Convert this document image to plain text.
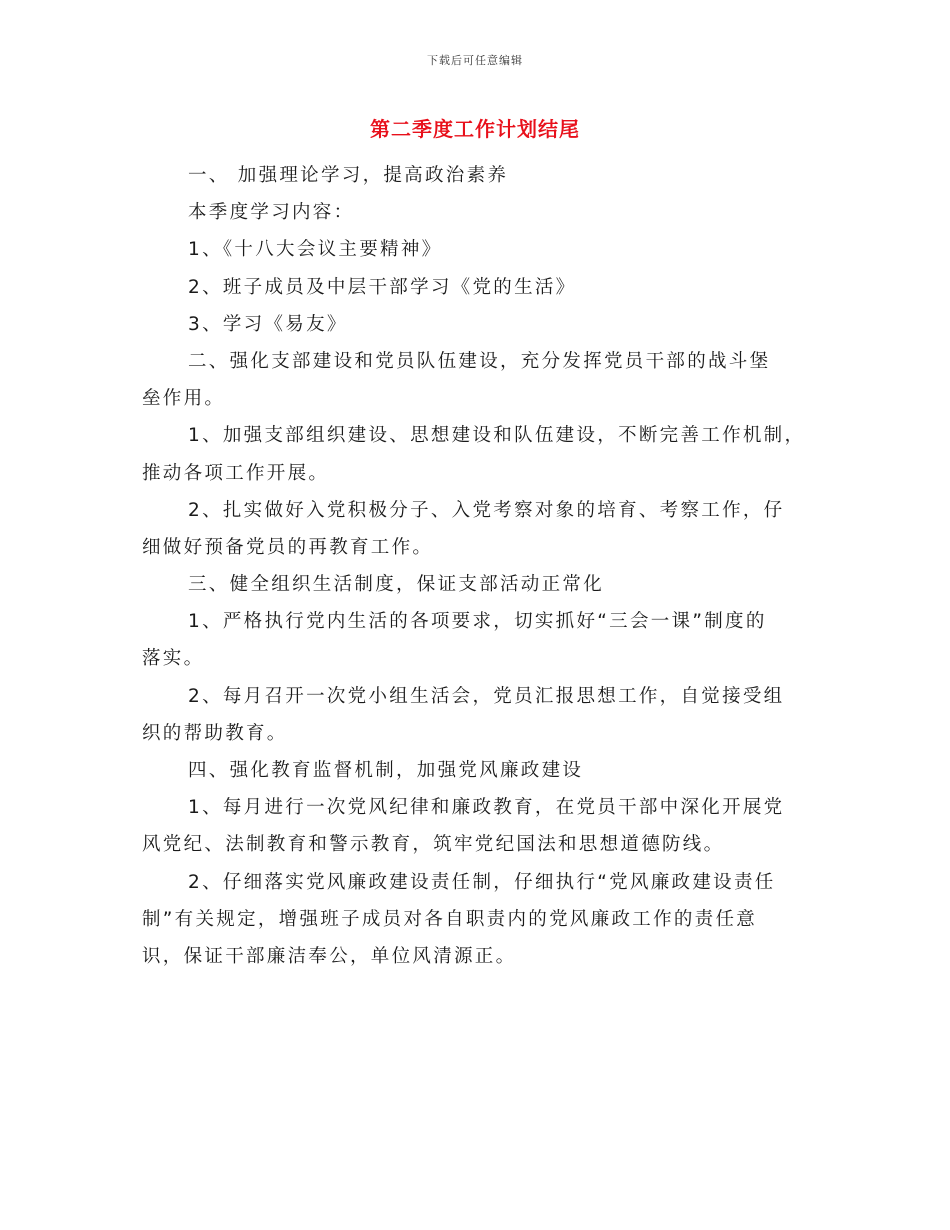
下载后可任意编辑
第二季度工作计划结尾
一、 加强理论学习，提高政治素养
本季度学习内容：
1、《十八大会议主要精神》
2、班子成员及中层干部学习《党的生活》
3、学习《易友》
二、强化支部建设和党员队伍建设，充分发挥党员干部的战斗堡
垒作用。
1、加强支部组织建设、思想建设和队伍建设，不断完善工作机制，
推动各项工作开展。
2、扎实做好入党积极分子、入党考察对象的培育、考察工作，仔
细做好预备党员的再教育工作。
三、健全组织生活制度，保证支部活动正常化
1、严格执行党内生活的各项要求，切实抓好“三会一课”制度的
落实。
2、每月召开一次党小组生活会，党员汇报思想工作，自觉接受组
织的帮助教育。
四、强化教育监督机制，加强党风廉政建设
1、每月进行一次党风纪律和廉政教育，在党员干部中深化开展党
风党纪、法制教育和警示教育，筑牢党纪国法和思想道德防线。
2、仔细落实党风廉政建设责任制，仔细执行“党风廉政建设责任
制”有关规定，增强班子成员对各自职责内的党风廉政工作的责任意
识，保证干部廉洁奉公，单位风清源正。
